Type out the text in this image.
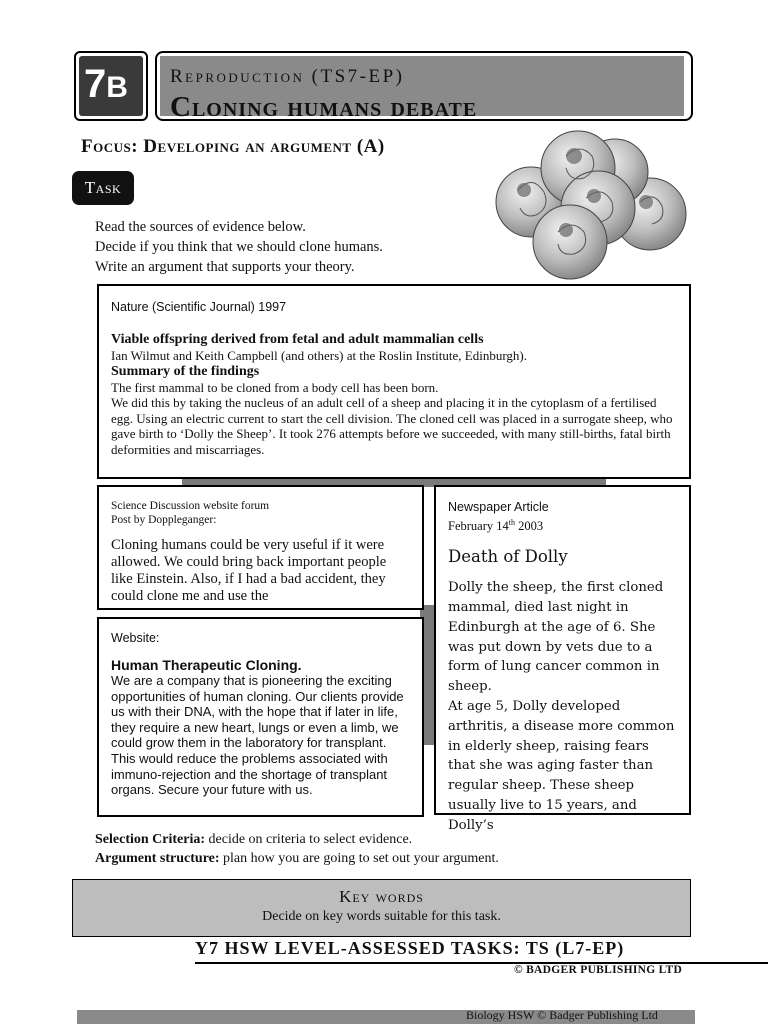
7B	Reproduction (TS7-EP)
Cloning humans debate
Focus: Developing an argument (A)
Task
Read the sources of evidence below.
Decide if you think that we should clone humans.
Write an argument that supports your theory.
Nature (Scientific Journal) 1997
Viable offspring derived from fetal and adult mammalian cells
Ian Wilmut and Keith Campbell (and others) at the Roslin Institute, Edinburgh).
Summary of the findings
The first mammal to be cloned from a body cell has been born.
We did this by taking the nucleus of an adult cell of a sheep and placing it in the cytoplasm of a fertilised egg. Using an electric current to start the cell division. The cloned cell was placed in a surrogate sheep, who gave birth to ‘Dolly the Sheep’. It took 276 attempts before we succeeded, with many still-births, fatal birth deformities and miscarriages.
Science Discussion website forum
Post by Doppleganger:
Cloning humans could be very useful if it were allowed. We could bring back important people like Einstein. Also, if I had a bad accident, they could clone me and use the
Website:
Human Therapeutic Cloning.
We are a company that is pioneering the exciting opportunities of human cloning. Our clients provide us with their DNA, with the hope that if later in life, they require a new heart, lungs or even a limb, we could grow them in the laboratory for transplant. This would reduce the problems associated with immuno-rejection and the shortage of transplant organs. Secure your future with us.
Newspaper Article
February 14th 2003
Death of Dolly
Dolly the sheep, the first cloned mammal, died last night in Edinburgh at the age of 6. She was put down by vets due to a form of lung cancer common in sheep.
At age 5, Dolly developed arthritis, a disease more common in elderly sheep, raising fears that she was aging faster than regular sheep. These sheep usually live to 15 years, and Dolly’s
Selection Criteria: decide on criteria to select evidence.
Argument structure: plan how you are going to set out your argument.
Key words
Decide on key words suitable for this task.
Y7 HSW LEVEL-ASSESSED TASKS: TS (L7-EP)
© BADGER PUBLISHING LTD
Biology HSW © Badger Publishing Ltd
